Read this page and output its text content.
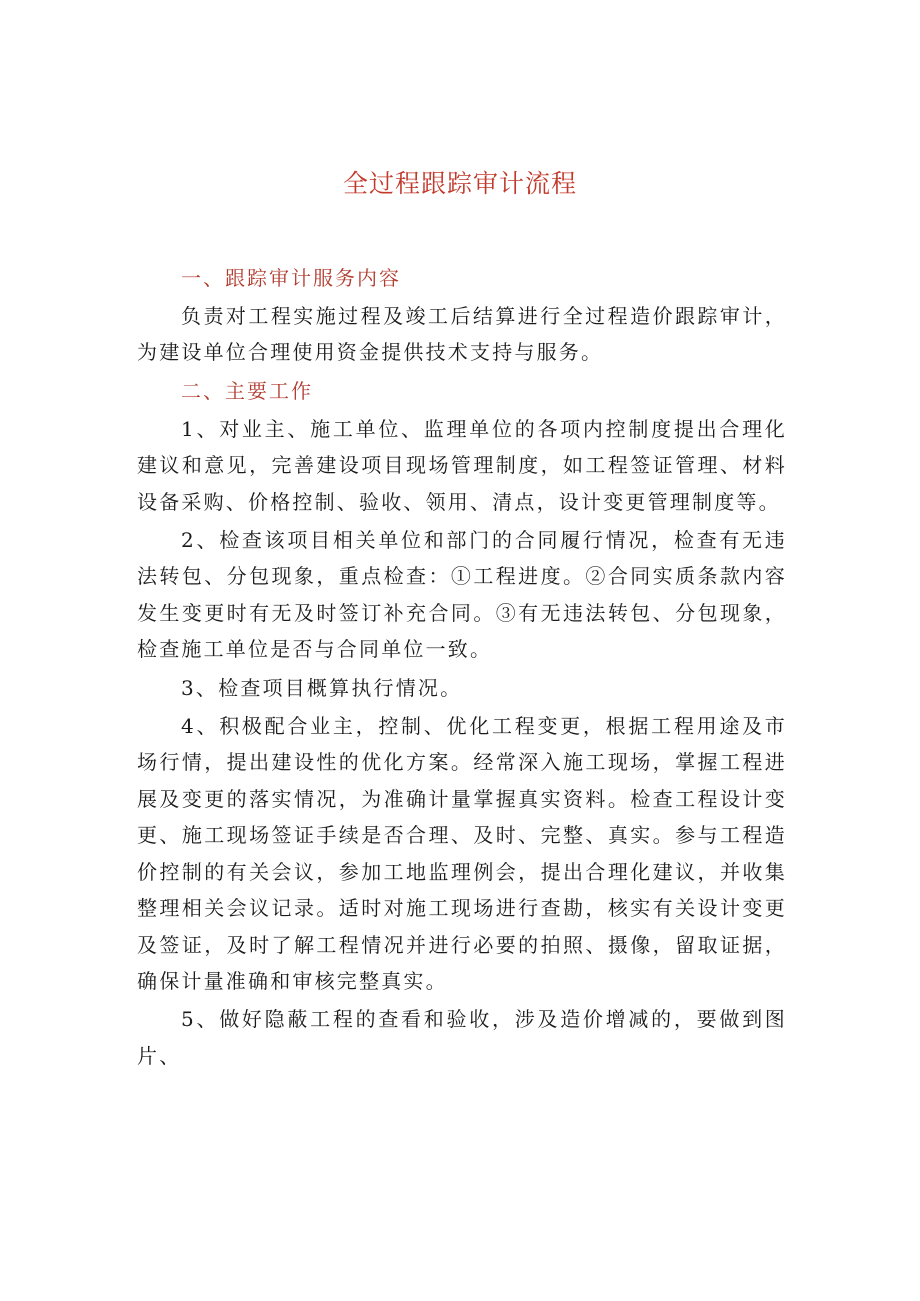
全过程跟踪审计流程
一、跟踪审计服务内容

负责对工程实施过程及竣工后结算进行全过程造价跟踪审计，为建设单位合理使用资金提供技术支持与服务。

二、主要工作

1、对业主、施工单位、监理单位的各项内控制度提出合理化建议和意见，完善建设项目现场管理制度，如工程签证管理、材料设备采购、价格控制、验收、领用、清点，设计变更管理制度等。

2、检查该项目相关单位和部门的合同履行情况，检查有无违法转包、分包现象，重点检查：①工程进度。②合同实质条款内容发生变更时有无及时签订补充合同。③有无违法转包、分包现象，检查施工单位是否与合同单位一致。

3、检查项目概算执行情况。

4、积极配合业主，控制、优化工程变更，根据工程用途及市场行情，提出建设性的优化方案。经常深入施工现场，掌握工程进展及变更的落实情况，为准确计量掌握真实资料。检查工程设计变更、施工现场签证手续是否合理、及时、完整、真实。参与工程造价控制的有关会议，参加工地监理例会，提出合理化建议，并收集整理相关会议记录。适时对施工现场进行查勘，核实有关设计变更及签证，及时了解工程情况并进行必要的拍照、摄像，留取证据，确保计量准确和审核完整真实。

5、做好隐蔽工程的查看和验收，涉及造价增减的，要做到图片、
